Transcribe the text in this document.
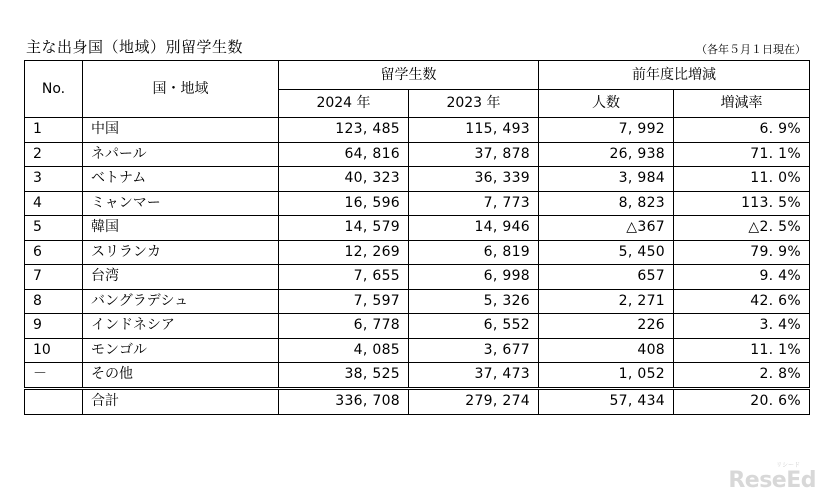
主な出身国（地域）別留学生数	（各年５月１日現在）
No.	国・地域	留学生数		前年度比増減	
		2024 年	2023 年	人数	増減率
1	中国	123, 485	115, 493	7, 992	6. 9%
2	ネパール	64, 816	37, 878	26, 938	71. 1%
3	ベトナム	40, 323	36, 339	3, 984	11. 0%
4	ミャンマー	16, 596	7, 773	8, 823	113. 5%
5	韓国	14, 579	14, 946	△367	△2. 5%
6	スリランカ	12, 269	6, 819	5, 450	79. 9%
7	台湾	7, 655	6, 998	657	9. 4%
8	バングラデシュ	7, 597	5, 326	2, 271	42. 6%
9	インドネシア	6, 778	6, 552	226	3. 4%
10	モンゴル	4, 085	3, 677	408	11. 1%
－	その他	38, 525	37, 473	1, 052	2. 8%
	合計	336, 708	279, 274	57, 434	20. 6%
リシード
ReseEd
